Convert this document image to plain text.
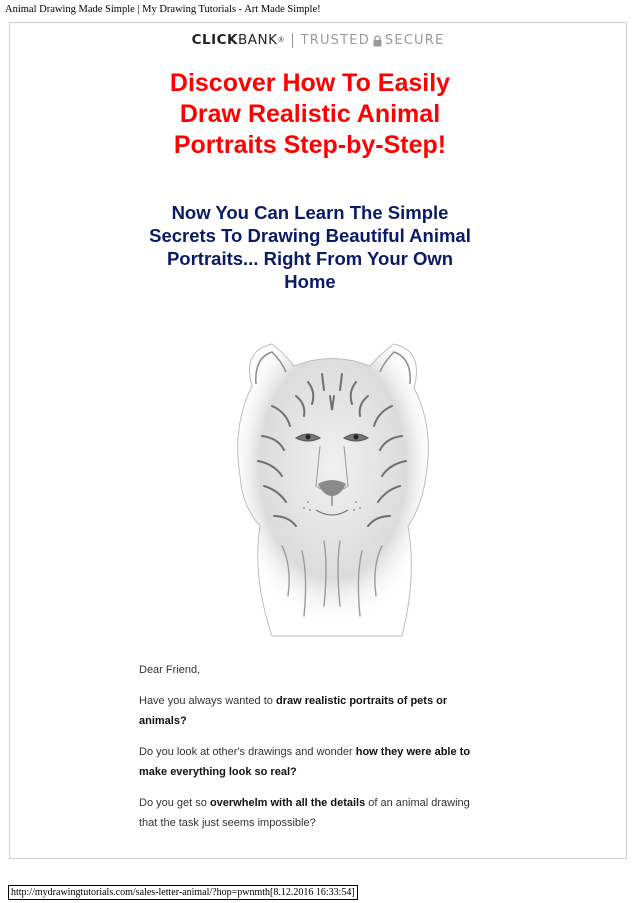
Animal Drawing Made Simple | My Drawing Tutorials - Art Made Simple!
CLICKBANK ® TRUSTED SECURE
Discover How To Easily Draw Realistic Animal Portraits Step-by-Step!
Now You Can Learn The Simple Secrets To Drawing Beautiful Animal Portraits... Right From Your Own Home

Dear Friend,

Have you always wanted to draw realistic portraits of pets or animals?

Do you look at other's drawings and wonder how they were able to make everything look so real?

Do you get so overwhelm with all the details of an animal drawing that the task just seems impossible?

http://mydrawingtutorials.com/sales-letter-animal/?hop=pwnmth[8.12.2016 16:33:54]
